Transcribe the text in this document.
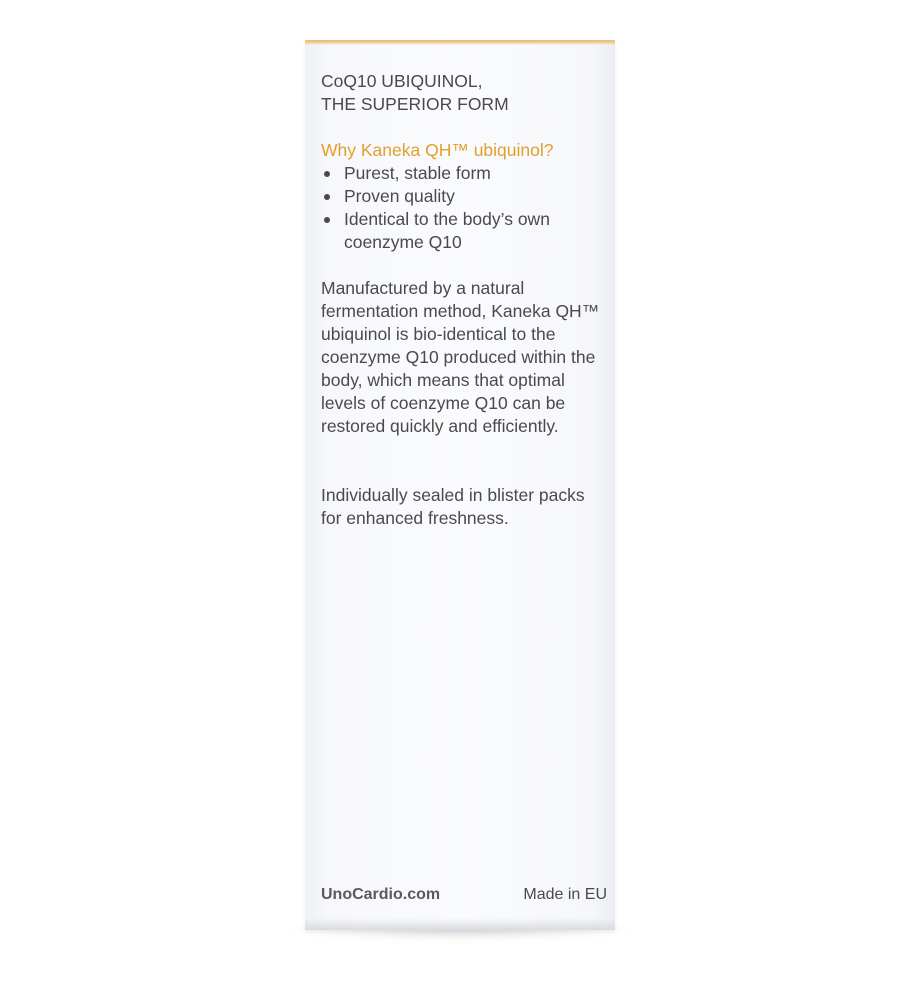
CoQ10 UBIQUINOL,
THE SUPERIOR FORM
Why Kaneka QH™ ubiquinol?
Purest, stable form
Proven quality
Identical to the body’s own coenzyme Q10

Manufactured by a natural fermentation method, Kaneka QH™ ubiquinol is bio-identical to the coenzyme Q10 produced within the body, which means that optimal levels of coenzyme Q10 can be restored quickly and efficiently.

Individually sealed in blister packs for enhanced freshness.

UnoCardio.com	Made in EU
